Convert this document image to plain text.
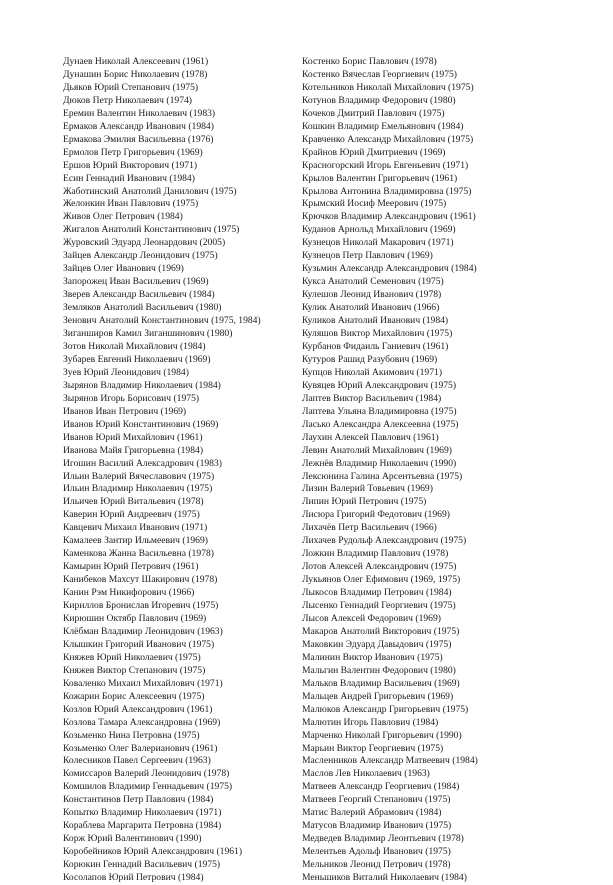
Дунаев Николай Алексеевич (1961)
Дунашин Борис Николаевич (1978)
Дьяков Юрий Степанович (1975)
Дюков Петр Николаевич (1974)
Еремин Валентин Николаевич (1983)
Ермаков Александр Иванович (1984)
Ермакова Эмилия Васильевна (1976)
Ермолов Петр Григорьевич (1969)
Ершов Юрий Викторович (1971)
Есин Геннадий Иванович (1984)
Жаботинский Анатолий Данилович (1975)
Желонкин Иван Павлович (1975)
Живов Олег Петрович (1984)
Жигалов Анатолий Константинович (1975)
Журовский Эдуард Леонардович (2005)
Зайцев Александр Леонидович (1975)
Зайцев Олег Иванович (1969)
Запорожец Иван Васильевич (1969)
Зверев Александр Васильевич (1984)
Земляков Анатолий Васильевич (1980)
Зенович Анатолий Константинович (1975, 1984)
Зиганширов Камил Зиганшинович (1980)
Зотов Николай Михайлович (1984)
Зубарев Евгений Николаевич (1969)
Зуев Юрий Леонидович (1984)
Зырянов Владимир Николаевич (1984)
Зырянов Игорь Борисович (1975)
Иванов Иван Петрович (1969)
Иванов Юрий Константинович (1969)
Иванов Юрий Михайлович (1961)
Иванова Майя Григорьевна (1984)
Игошин Василий Алексадрович (1983)
Ильин Валерий Вячеславович (1975)
Ильин Владимир Николаевич (1975)
Ильичев Юрий Витальевич (1978)
Каверин Юрий Андреевич (1975)
Кавцевич Михаил Иванович (1971)
Камалеев Зантир Ильмеевич (1969)
Каменкова Жанна Васильевна (1978)
Камырин Юрий Петрович (1961)
Канибеков Махсут Шакирович (1978)
Канин Рэм Никифорович (1966)
Кириллов Бронислав Игоревич (1975)
Кирюшин Октябр Павлович (1969)
Клёбман Владимир Леонидович (1963)
Клышкин Григорий Иванович (1975)
Княжев Юрий Николаевич (1975)
Княжев Виктор Степанович (1975)
Коваленко Михаил Михайлович (1971)
Кожарин Борис Алексеевич (1975)
Козлов Юрий Александрович (1961)
Козлова Тамара Александровна (1969)
Козьменко Нина Петровна (1975)
Козьменко Олег Валерианович (1961)
Колесников Павел Сергеевич (1963)
Комиссаров Валерий Леонидович (1978)
Комшилов Владимир Геннадьевич (1975)
Константинов Петр Павлович (1984)
Копытко Владимир Николаевич (1971)
Кораблева Маргарита Петровна (1984)
Корж Юрий Валентинович (1990)
Коробейников Юрий Александрович (1961)
Корюкин Геннадий Васильевич (1975)
Косолапов Юрий Петрович (1984)
Костенко Борис Павлович (1978)
Костенко Вячеслав Георгиевич (1975)
Котельников Николай Михайлович (1975)
Котунов Владимир Федорович (1980)
Кочеков Дмитрий Павлович (1975)
Кошкин Владимир Емельянович (1984)
Кравченко Александр Михайлович (1975)
Крайнов Юрий Дмитриевич (1969)
Красногорский Игорь Евгеньевич (1971)
Крылов Валентин Григорьевич (1961)
Крылова Антонина Владимировна (1975)
Крымский Иосиф Меерович (1975)
Крючков Владимир Александрович (1961)
Куданов Арнольд Михайлович (1969)
Кузнецов Николай Макарович (1971)
Кузнецов Петр Павлович (1969)
Кузьмин Александр Александрович (1984)
Кукса Анатолий Семенович (1975)
Кулешов Леонид Иванович (1978)
Кулик Анатолий Иванович (1966)
Куликов Анатолий Иванович (1984)
Куляшов Виктор Михайлович (1975)
Курбанов Фидаиль Ганиевич (1961)
Кутуров Рашид Разубович (1969)
Купцов Николай Акимович (1971)
Кувяцев Юрий Александрович (1975)
Лаптев Виктор Васильевич (1984)
Лаптева Ульяна Владимировна (1975)
Ласько Александра Алексеевна (1975)
Лаухин Алексей Павлович (1961)
Левин Анатолий Михайлович (1969)
Лежнёв Владимир Николаевич (1990)
Лексюнина Галина Арсентьевна (1975)
Лизин Валерий Товьевич (1969)
Липин Юрий Петрович (1975)
Лисюра Григорий Федотович (1969)
Лихачёв Петр Васильевич (1966)
Лихачев Рудольф Александрович (1975)
Ложкин Владимир Павлович (1978)
Лотов Алексей Александрович (1975)
Лукьянов Олег Ефимович (1969, 1975)
Лыкосов Владимир Петрович (1984)
Лысенко Геннадий Георгиевич (1975)
Лысов Алексей Федорович (1969)
Макаров Анатолий Викторович (1975)
Маковкин Эдуард Давыдович (1975)
Малинин Виктор Иванович (1975)
Мальгин Валентин Федорович (1980)
Мальков Владимир Васильевич (1969)
Мальцев Андрей Григорьевич (1969)
Малюков Александр Григорьевич (1975)
Малютин Игорь Павлович (1984)
Марченко Николай Григорьевич (1990)
Марьин Виктор Георгиевич (1975)
Масленников Александр Матвеевич (1984)
Маслов Лев Николаевич (1963)
Матвеев Александр Георгиевич (1984)
Матвеев Георгий Степанович (1975)
Матис Валерий Абрамович (1984)
Матусов Владимир Иванович (1975)
Медведев Владимир Леонтьевич (1978)
Мелентьев Адольф Иванович (1975)
Мельников Леонид Петрович (1978)
Меньшиков Виталий Николаевич (1984)
